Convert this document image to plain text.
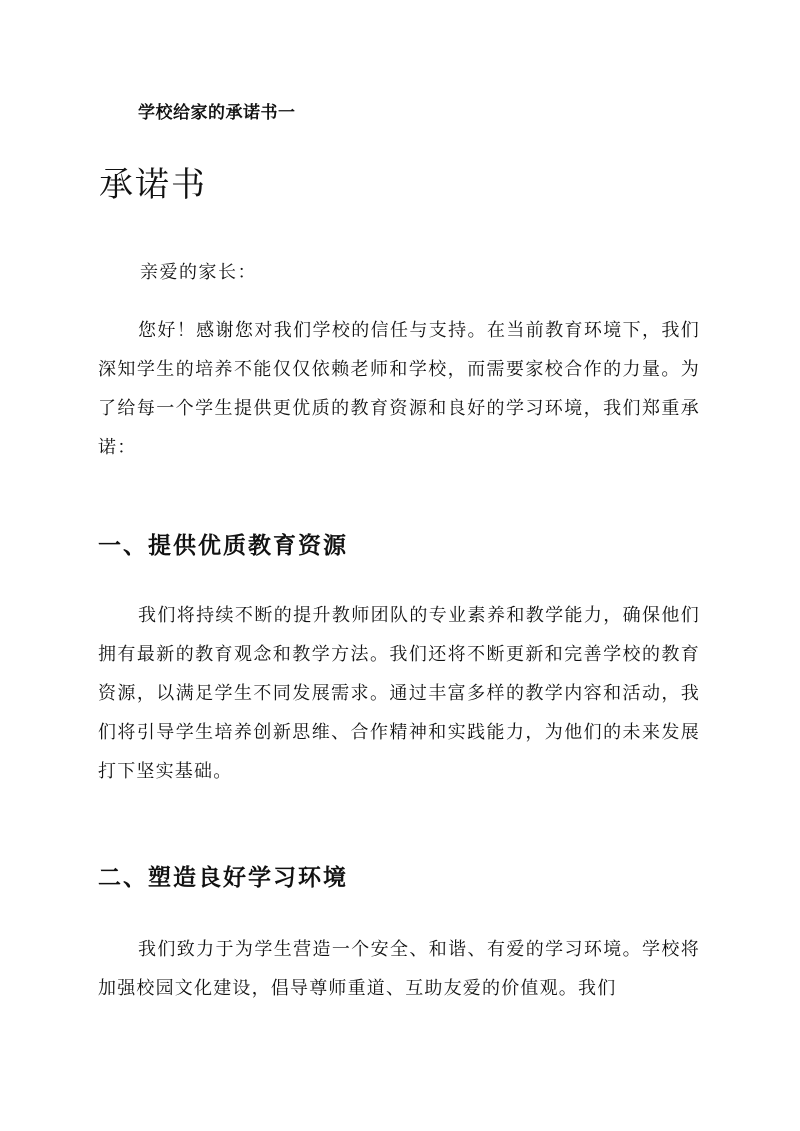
学校给家的承诺书一
承诺书
亲爱的家长：

您好！感谢您对我们学校的信任与支持。在当前教育环境下，我们深知学生的培养不能仅仅依赖老师和学校，而需要家校合作的力量。为了给每一个学生提供更优质的教育资源和良好的学习环境，我们郑重承诺：

一、提供优质教育资源

我们将持续不断的提升教师团队的专业素养和教学能力，确保他们拥有最新的教育观念和教学方法。我们还将不断更新和完善学校的教育资源，以满足学生不同发展需求。通过丰富多样的教学内容和活动，我们将引导学生培养创新思维、合作精神和实践能力，为他们的未来发展打下坚实基础。

二、塑造良好学习环境

我们致力于为学生营造一个安全、和谐、有爱的学习环境。学校将加强校园文化建设，倡导尊师重道、互助友爱的价值观。我们
